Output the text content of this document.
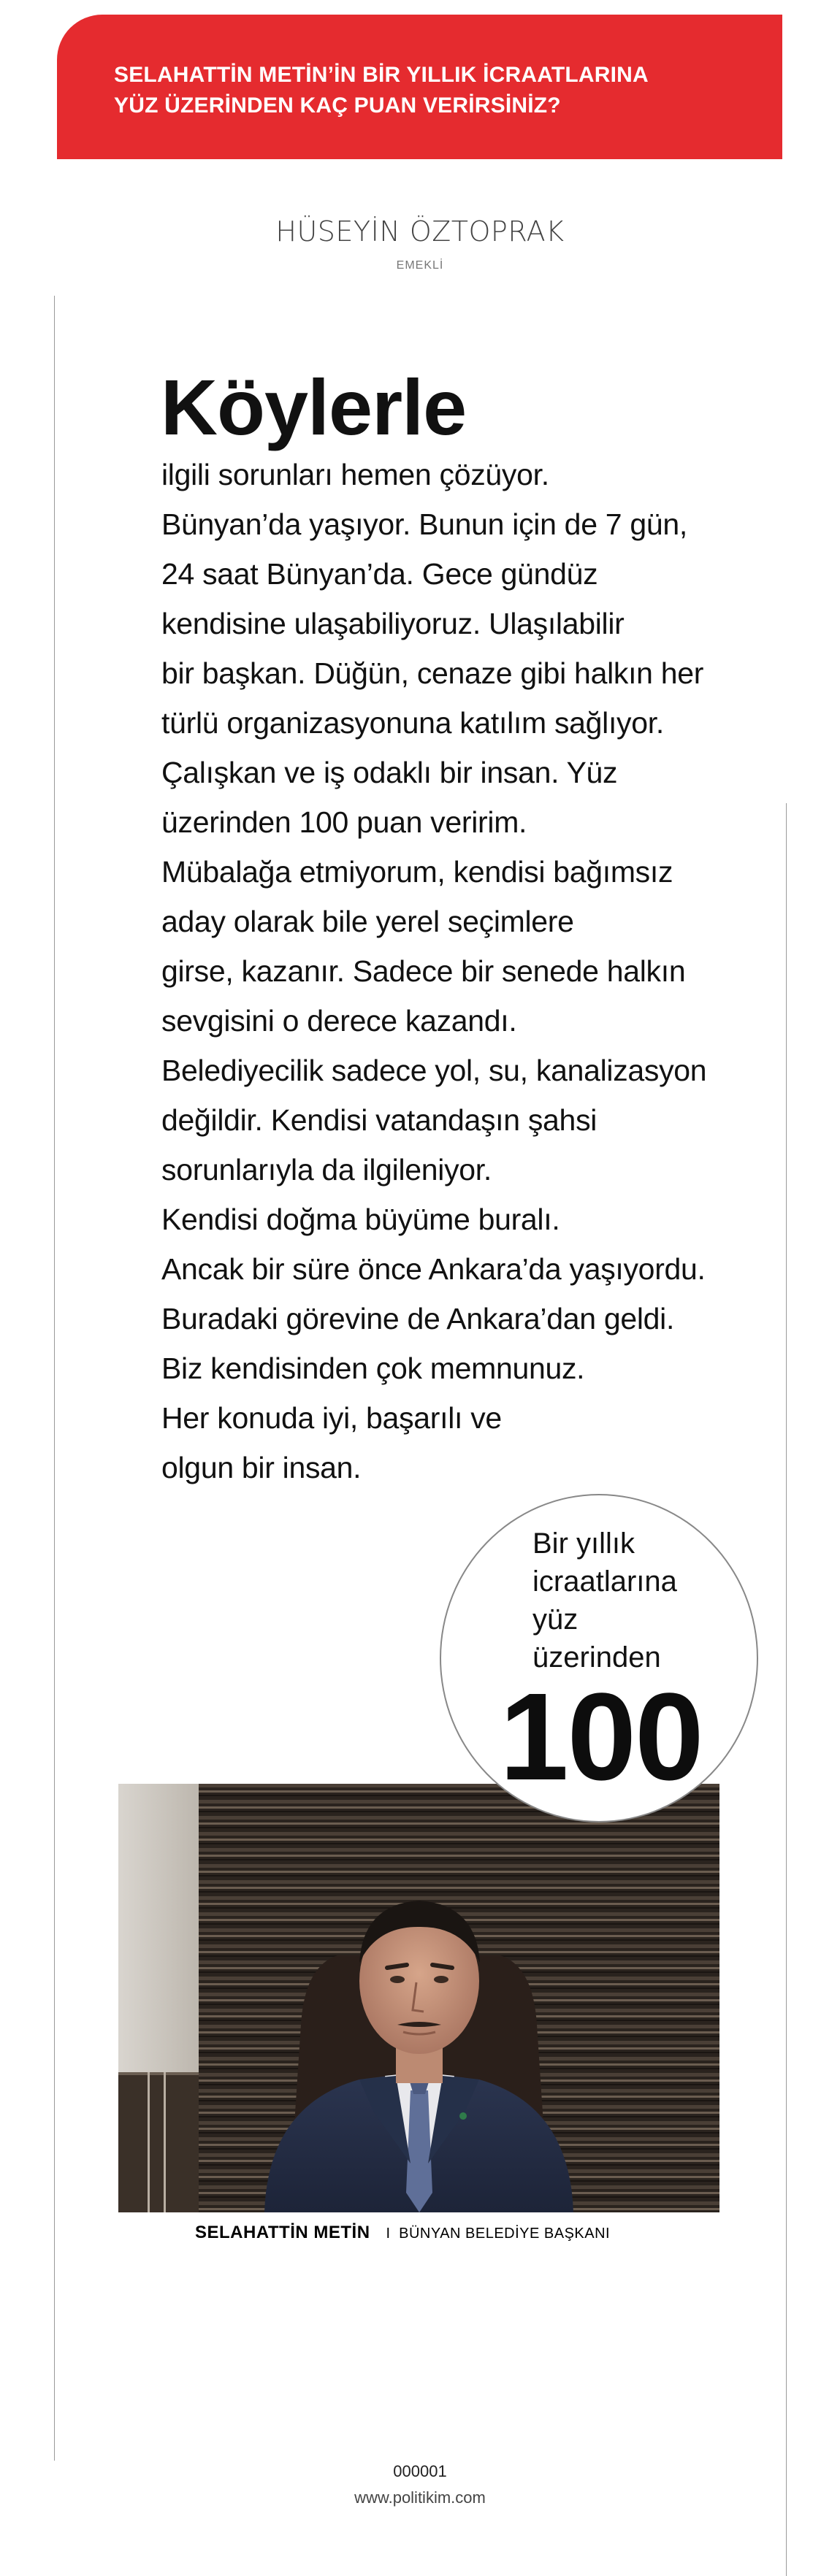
SELAHATTİN METİN’İN BİR YILLIK İCRAATLARINA
YÜZ ÜZERİNDEN KAÇ PUAN VERİRSİNİZ?
HÜSEYİN ÖZTOPRAK
EMEKLİ
Köylerle
ilgili sorunları hemen çözüyor.
Bünyan’da yaşıyor. Bunun için de 7 gün,
24 saat Bünyan’da. Gece gündüz
kendisine ulaşabiliyoruz. Ulaşılabilir
bir başkan. Düğün, cenaze gibi halkın her
türlü organizasyonuna katılım sağlıyor.
Çalışkan ve iş odaklı bir insan. Yüz
üzerinden 100 puan veririm.
Mübalağa etmiyorum, kendisi bağımsız
aday olarak bile yerel seçimlere
girse, kazanır. Sadece bir senede halkın
sevgisini o derece kazandı.
Belediyecilik sadece yol, su, kanalizasyon
değildir. Kendisi vatandaşın şahsi
sorunlarıyla da ilgileniyor.
Kendisi doğma büyüme buralı.
Ancak bir süre önce Ankara’da yaşıyordu.
Buradaki görevine de Ankara’dan geldi.
Biz kendisinden çok memnunuz.
Her konuda iyi, başarılı ve
olgun bir insan.
Bir yıllık
icraatlarına
yüz
üzerinden
100
SELAHATTİN METİN I BÜNYAN BELEDİYE BAŞKANI
000001
www.politikim.com
